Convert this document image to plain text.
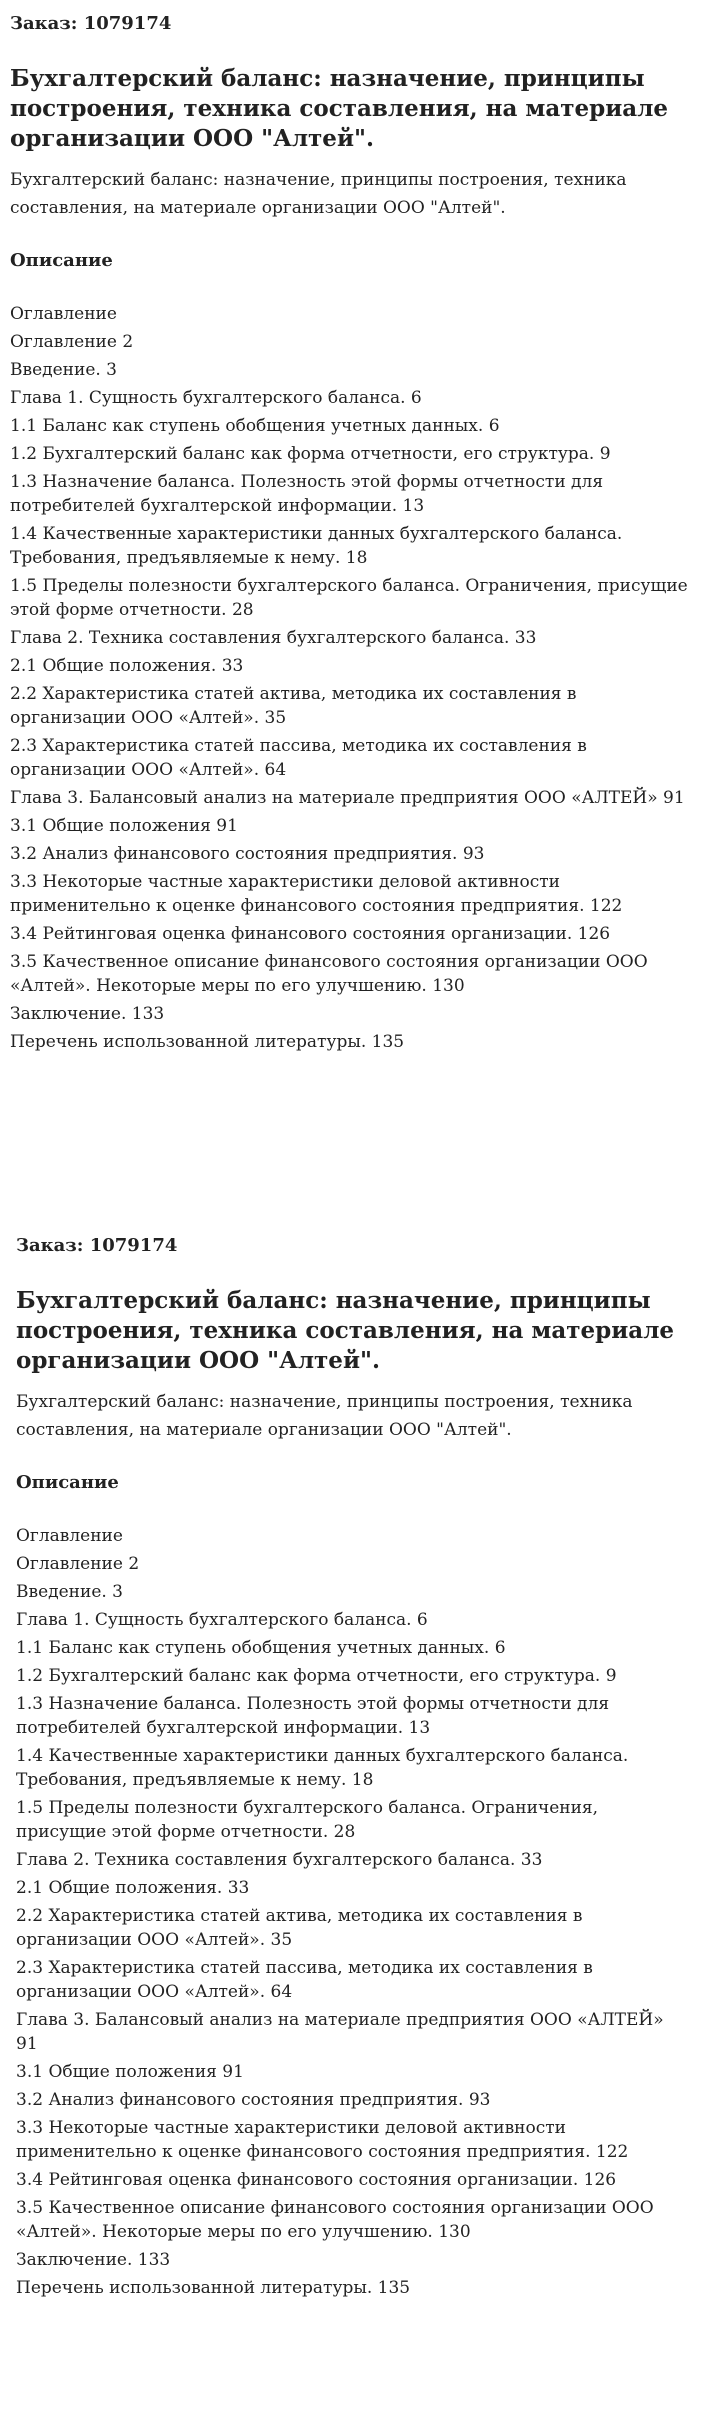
Заказ: 1079174
Бухгалтерский баланс: назначение, принципы построения, техника составления, на материале организации ООО "Алтей".
Бухгалтерский баланс: назначение, принципы построения, техника составления, на материале организации ООО "Алтей".
Описание
Оглавление
Оглавление 2
Введение. 3
Глава 1. Сущность бухгалтерского баланса. 6
1.1 Баланс как ступень обобщения учетных данных. 6
1.2 Бухгалтерский баланс как форма отчетности, его структура. 9
1.3 Назначение баланса. Полезность этой формы отчетности для потребителей бухгалтерской информации. 13
1.4 Качественные характеристики данных бухгалтерского баланса. Требования, предъявляемые к нему. 18
1.5 Пределы полезности бухгалтерского баланса. Ограничения, присущие этой форме отчетности. 28
Глава 2. Техника составления бухгалтерского баланса. 33
2.1 Общие положения. 33
2.2 Характеристика статей актива, методика их составления в организации ООО «Алтей». 35
2.3 Характеристика статей пассива, методика их составления в организации ООО «Алтей». 64
Глава 3. Балансовый анализ на материале предприятия ООО «АЛТЕЙ» 91
3.1 Общие положения 91
3.2 Анализ финансового состояния предприятия. 93
3.3 Некоторые частные характеристики деловой активности применительно к оценке финансового состояния предприятия. 122
3.4 Рейтинговая оценка финансового состояния организации. 126
3.5 Качественное описание финансового состояния организации ООО «Алтей». Некоторые меры по его улучшению. 130
Заключение. 133
Перечень использованной литературы. 135
Заказ: 1079174
Бухгалтерский баланс: назначение, принципы построения, техника составления, на материале организации ООО "Алтей".
Бухгалтерский баланс: назначение, принципы построения, техника составления, на материале организации ООО "Алтей".
Описание
Оглавление
Оглавление 2
Введение. 3
Глава 1. Сущность бухгалтерского баланса. 6
1.1 Баланс как ступень обобщения учетных данных. 6
1.2 Бухгалтерский баланс как форма отчетности, его структура. 9
1.3 Назначение баланса. Полезность этой формы отчетности для потребителей бухгалтерской информации. 13
1.4 Качественные характеристики данных бухгалтерского баланса. Требования, предъявляемые к нему. 18
1.5 Пределы полезности бухгалтерского баланса. Ограничения, присущие этой форме отчетности. 28
Глава 2. Техника составления бухгалтерского баланса. 33
2.1 Общие положения. 33
2.2 Характеристика статей актива, методика их составления в организации ООО «Алтей». 35
2.3 Характеристика статей пассива, методика их составления в организации ООО «Алтей». 64
Глава 3. Балансовый анализ на материале предприятия ООО «АЛТЕЙ» 91
3.1 Общие положения 91
3.2 Анализ финансового состояния предприятия. 93
3.3 Некоторые частные характеристики деловой активности применительно к оценке финансового состояния предприятия. 122
3.4 Рейтинговая оценка финансового состояния организации. 126
3.5 Качественное описание финансового состояния организации ООО «Алтей». Некоторые меры по его улучшению. 130
Заключение. 133
Перечень использованной литературы. 135
